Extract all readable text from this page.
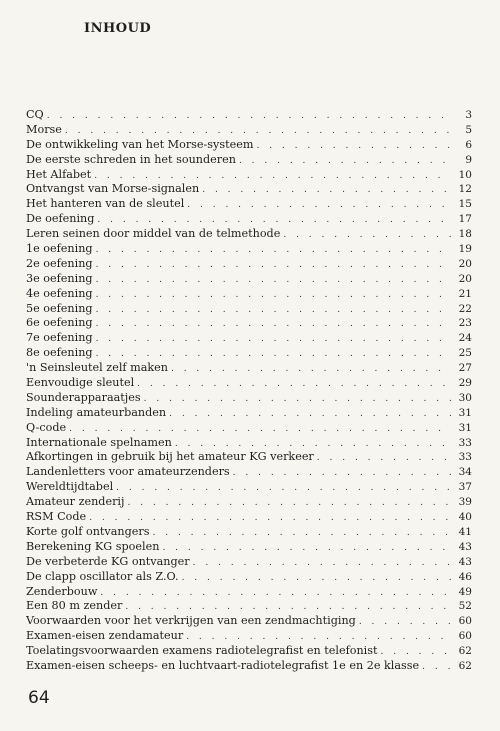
INHOUD
CQ . . .	3
Morse . . .	5
De ontwikkeling van het Morse-systeem . . .	6
De eerste schreden in het sounderen . . .	9
Het Alfabet . . .	10
Ontvangst van Morse-signalen . . .	12
Het hanteren van de sleutel . . .	15
De oefening . . .	17
Leren seinen door middel van de telmethode . . .	18
1e oefening . . .	19
2e oefening . . .	20
3e oefening . . .	20
4e oefening . . .	21
5e oefening . . .	22
6e oefening . . .	23
7e oefening . . .	24
8e oefening . . .	25
'n Seinsleutel zelf maken . . .	27
Eenvoudige sleutel . . .	29
Sounderapparaatjes . . .	30
Indeling amateurbanden . . .	31
Q-code . . .	31
Internationale spelnamen . . .	33
Afkortingen in gebruik bij het amateur KG verkeer . . .	33
Landenletters voor amateurzenders . . .	34
Wereldtijdtabel . . .	37
Amateur zenderij . . .	39
RSM Code . . .	40
Korte golf ontvangers . . .	41
Berekening KG spoelen . . .	43
De verbeterde KG ontvanger . . .	43
De clapp oscillator als Z.O. . . .	46
Zenderbouw . . .	49
Een 80 m zender . . .	52
Voorwaarden voor het verkrijgen van een zendmachtiging . . .	60
Examen-eisen zendamateur . . .	60
Toelatingsvoorwaarden examens radiotelegrafist en telefonist . . .	62
Examen-eisen scheeps- en luchtvaart-radiotelegrafist 1e en 2e klasse . . .	62
64
